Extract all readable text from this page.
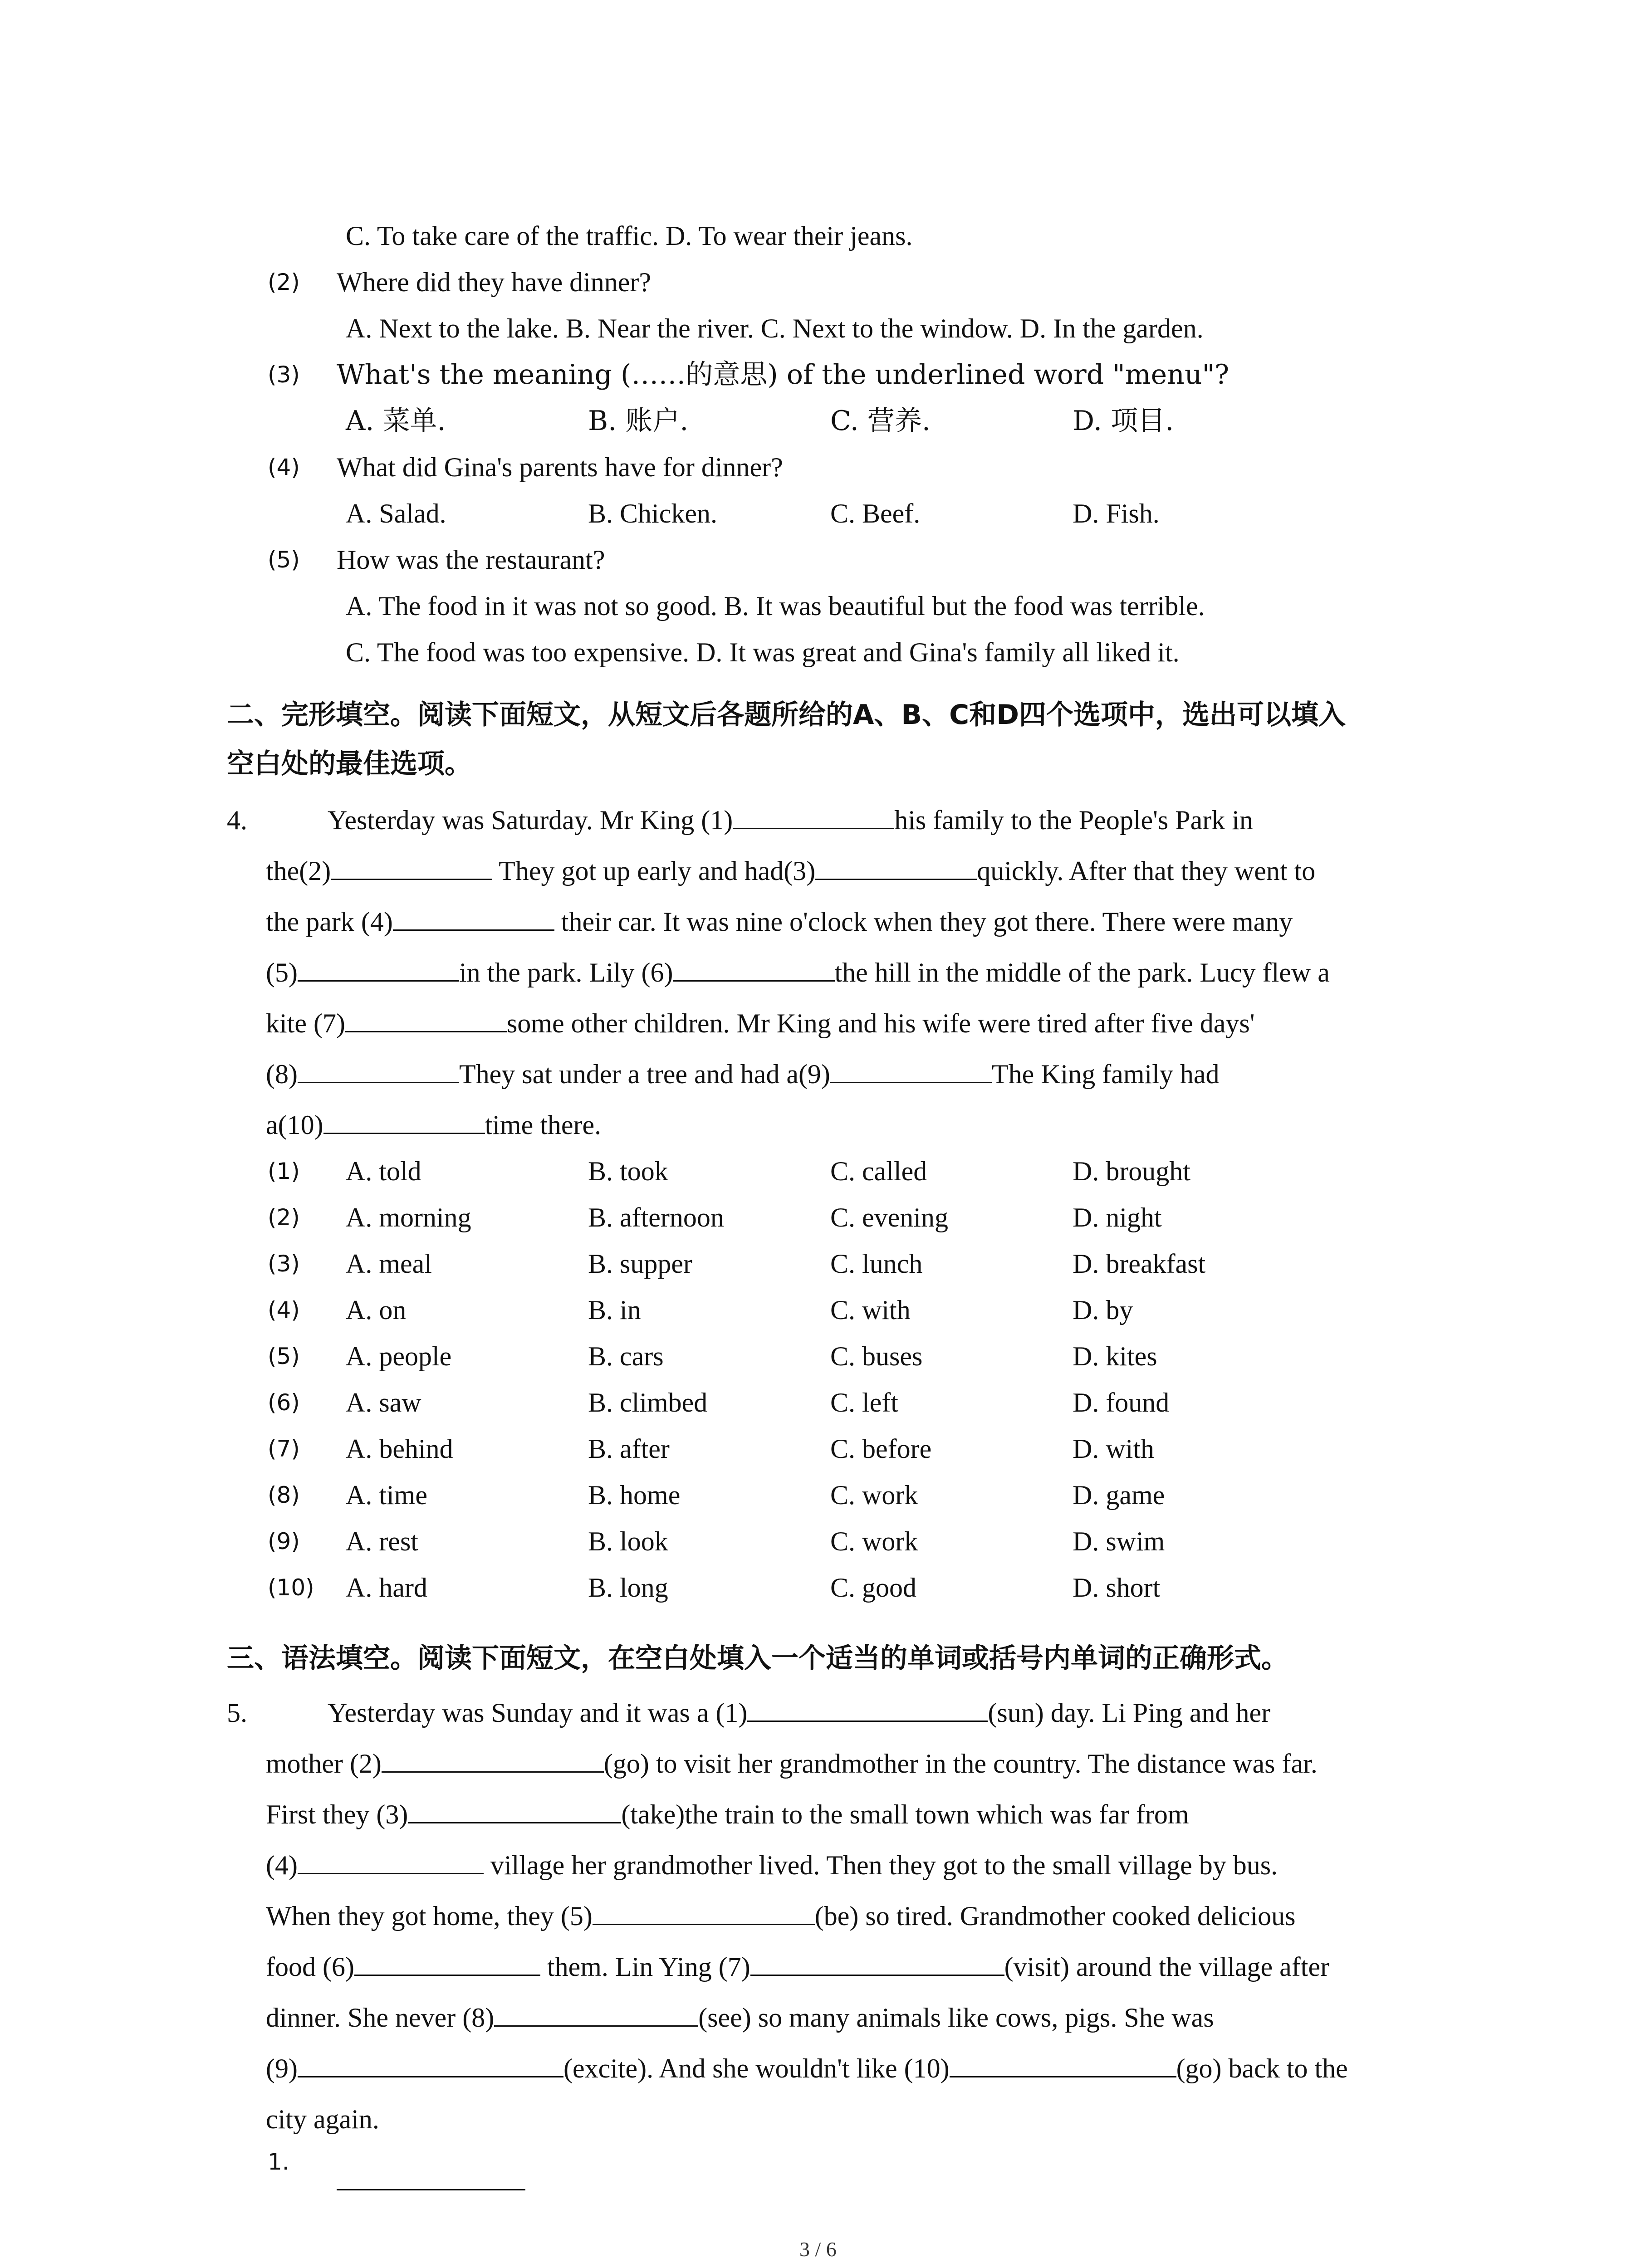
C. To take care of the traffic. D. To wear their jeans.
(2) Where did they have dinner?
A. Next to the lake. B. Near the river. C. Next to the window. D. In the garden.
(3) What's the meaning (……的意思) of the underlined word "menu"?
A. 菜单.	B. 账户.	C. 营养.	D. 项目.
(4) What did Gina's parents have for dinner?
A. Salad.	B. Chicken.	C. Beef.	D. Fish.
(5) How was the restaurant?
A. The food in it was not so good. B. It was beautiful but the food was terrible.
C. The food was too expensive. D. It was great and Gina's family all liked it.
二、完形填空。阅读下面短文，从短文后各题所给的A、B、C和D四个选项中，选出可以填入
空白处的最佳选项。
4.	Yesterday was Saturday. Mr King (1)	his family to the People's Park in
the(2)	They got up early and had(3)	quickly. After that they went to
the park (4)	their car. It was nine o'clock when they got there. There were many
(5)	in the park. Lily (6)	the hill in the middle of the park. Lucy flew a
kite (7)	some other children. Mr King and his wife were tired after five days'
(8)	They sat under a tree and had a(9)	The King family had
a(10)	time there.
(1) A. told	B. took	C. called	D. brought
(2) A. morning	B. afternoon	C. evening	D. night
(3) A. meal	B. supper	C. lunch	D. breakfast
(4) A. on	B. in	C. with	D. by
(5) A. people	B. cars	C. buses	D. kites
(6) A. saw	B. climbed	C. left	D. found
(7) A. behind	B. after	C. before	D. with
(8) A. time	B. home	C. work	D. game
(9) A. rest	B. look	C. work	D. swim
(10) A. hard	B. long	C. good	D. short
三、语法填空。阅读下面短文，在空白处填入一个适当的单词或括号内单词的正确形式。
5.	Yesterday was Sunday and it was a (1)	(sun) day. Li Ping and her
mother (2)	(go) to visit her grandmother in the country. The distance was far.
First they (3)	(take)the train to the small town which was far from
(4)	village her grandmother lived. Then they got to the small village by bus.
When they got home, they (5)	(be) so tired. Grandmother cooked delicious
food (6)	them. Lin Ying (7)	(visit) around the village after
dinner. She never (8)	(see) so many animals like cows, pigs. She was
(9)	(excite). And she wouldn't like (10)	(go) back to the
city again.
1.
3 / 6
